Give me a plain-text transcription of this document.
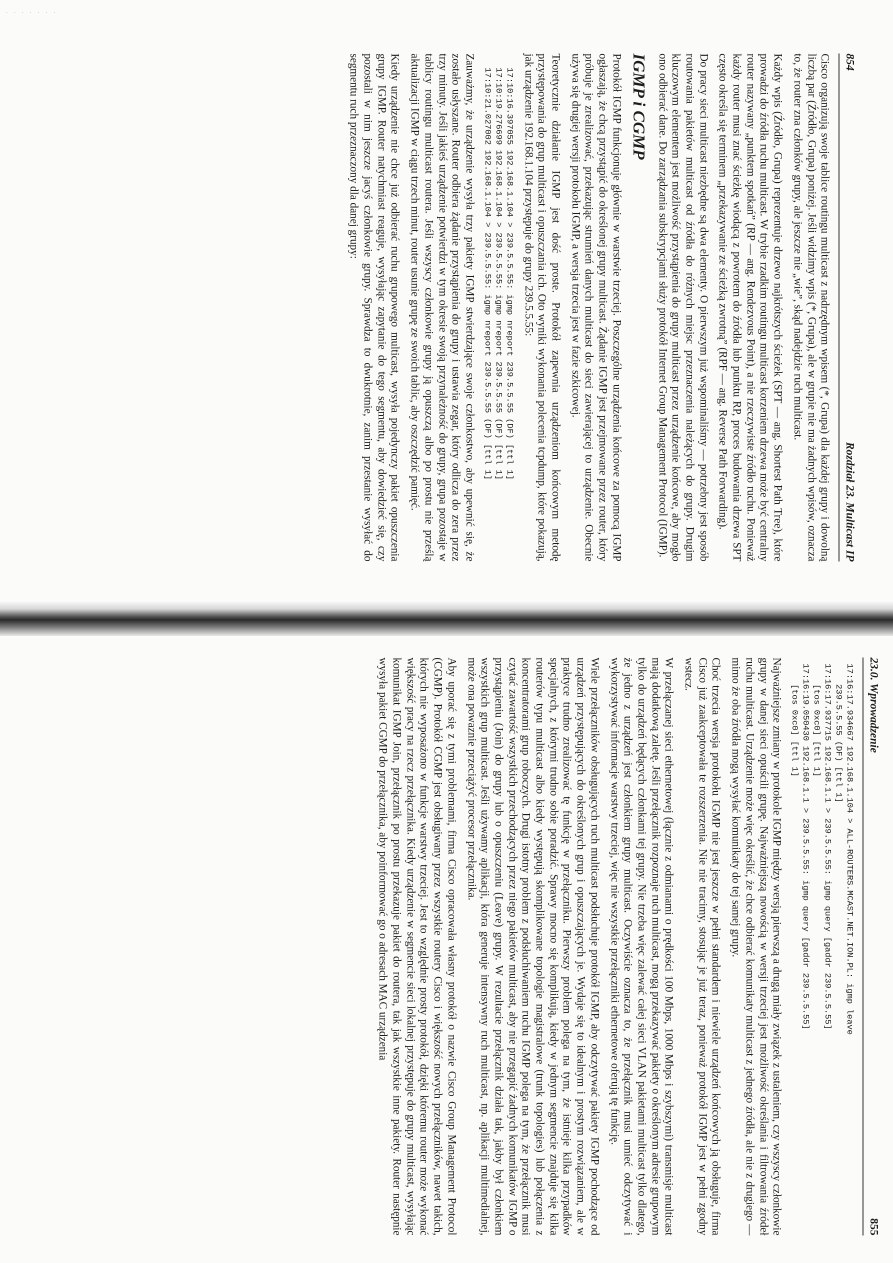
. . . . . . .
854
Rozdział 23. Multicast IP

Cisco organizują swoje tablice routingu multicast z nadrzędnym wpisem (*, Grupa) dla każdej grupy i dowolną liczbą par (Źródło, Grupa) poniżej. Jeśli widzimy wpis (*, Grupa), ale w grupie nie ma żadnych wpisów, oznacza to, że router zna członków grupy, ale jeszcze nie „wie”, skąd nadejdzie ruch multicast.

Każdy wpis (Źródło, Grupa) reprezentuje drzewo najkrótszych ścieżek (SPT — ang. Shortest Path Tree), które prowadzi do źródła ruchu multicast. W trybie rzadkim routingu multicast korzeniem drzewa może być centralny router nazywany „punktem spotkań” (RP — ang. Rendezvous Point), a nie rzeczywiste źródło ruchu. Ponieważ każdy router musi znać ścieżkę wiodącą z powrotem do źródła lub punktu RP, proces budowania drzewa SPT często określa się terminem „przekazywanie ze ścieżką zwrotną” (RPF — ang. Reverse Path Forwarding).

Do pracy sieci multicast niezbędne są dwa elementy. O pierwszym już wspominaliśmy — potrzebny jest sposób routowania pakietów multicast od źródła do różnych miejsc przeznaczenia należących do grupy. Drugim kluczowym elementem jest możliwość przystąpienia do grupy multicast przez urządzenie końcowe, aby mogło ono odbierać dane. Do zarządzania subskrypcjami służy protokół Internet Group Management Protocol (IGMP).

IGMP i CGMP

Protokół IGMP funkcjonuje głównie w warstwie trzeciej. Poszczególne urządzenia końcowe za pomocą IGMP ogłaszają, że chcą przystąpić do określonej grupy multicast. Żądanie IGMP jest przejmowane przez router, który próbuje je zrealizować, przekazując strumień danych multicast do sieci zawierającej to urządzenie. Obecnie używa się drugiej wersji protokołu IGMP, a wersja trzecia jest w fazie szkicowej.

Teoretycznie działanie IGMP jest dość proste. Protokół zapewnia urządzeniom końcowym metodę przystępowania do grup multicast i opuszczania ich. Oto wyniki wykonania polecenia tcpdump, które pokazują, jak urządzenie 192.168.1.104 przystępuje do grupy 239.5.5.55:

17:10:16.397055 192.168.1.104 > 239.5.5.55: igmp nreport 239.5.5.55 (DF) [ttl 1]
17:10:19.276699 192.168.1.104 > 239.5.5.55: igmp nreport 239.5.5.55 (DF) [ttl 1]
17:10:21.027002 192.168.1.104 > 239.5.5.55: igmp nreport 239.5.5.55 (DF) [ttl 1]

Zauważmy, że urządzenie wysyła trzy pakiety IGMP stwierdzające swoje członkostwo, aby upewnić się, że zostało usłyszane. Router odbiera żądanie przystąpienia do grupy i ustawia zegar, który odlicza do zera przez trzy minuty. Jeśli jakieś urządzenie potwierdzi w tym okresie swoją przynależność do grupy, grupa pozostaje w tablicy routingu multicast routera. Jeśli wszyscy członkowie grupy ją opuszczą albo po prostu nie prześlą aktualizacji IGMP w ciągu trzech minut, router usunie grupę ze swoich tablic, aby oszczędzić pamięć.

Kiedy urządzenie nie chce już odbierać ruchu grupowego multicast, wysyła pojedynczy pakiet opuszczenia grupy IGMP. Router natychmiast reaguje, wysyłając zapytanie do tego segmentu, aby dowiedzieć się, czy pozostali w nim jeszcze jacyś członkowie grupy. Sprawdza to dwukrotnie, zanim przestanie wysyłać do segmentu ruch przeznaczony dla danej grupy:

23.0. Wprowadzenie
855
17:16:17.934667 192.168.1.104 > ALL-ROUTERS.MCAST.NET.ION.PL: igmp leave
239.5.5.55 (DF) [ttl 1]
17:16:17.937715 192.168.1.1 > 239.5.5.55: igmp query [gaddr 239.5.5.55]
[tos 0xc0] [ttl 1]
17:16:19.050430 192.168.1.1 > 239.5.5.55: igmp query [gaddr 239.5.5.55]
[tos 0xc0] [ttl 1]

Najważniejsze zmiany w protokole IGMP między wersją pierwszą a drugą miały związek z ustaleniem, czy wszyscy członkowie grupy w danej sieci opuścili grupę. Najważniejszą nowością w wersji trzeciej jest możliwość określania i filtrowania źródeł ruchu multicast. Urządzenie może więc określić, że chce odbierać komunikaty multicast z jednego źródła, ale nie z drugiego — mimo że oba źródła mogą wysyłać komunikaty do tej samej grupy.

Choć trzecia wersja protokołu IGMP nie jest jeszcze w pełni standardem i niewiele urządzeń końcowych ją obsługuje, firma Cisco już zaakceptowała te rozszerzenia. Nie nie tracimy, stosując je już teraz, ponieważ protokół IGMP jest w pełni zgodny wstecz.

W przełączanej sieci ethernetowej (łącznie z odmianami o prędkości 100 Mbps, 1000 Mbps i szybszymi) transmisje multicast mają dodatkową zaletę. Jeśli przełącznik rozpoznaje ruch multicast, mogą przekazywać pakiety o określonym adresie grupowym tylko do urządzeń będących członkami tej grupy. Nie trzeba więc zalewać całej sieci VLAN pakietami multicast tylko dlatego, że jedno z urządzeń jest członkiem grupy multicast. Oczywiście oznacza to, że przełącznik musi umieć odczytywać i wykorzystywać informacje warstwy trzeciej, więc nie wszystkie przełączniki ethernetowe oferują tę funkcję.

Wiele przełączników obsługujących ruch multicast podsłuchuje protokół IGMP, aby odczytywać pakiety IGMP pochodzące od urządzeń przystępujących do określonych grup i opuszczających je. Wydaje się to idealnym i prostym rozwiązaniem, ale w praktyce trudno zrealizować tę funkcję w przełączniku. Pierwszy problem polega na tym, że istnieje kilka przypadków specjalnych, z którymi trudno sobie poradzić. Sprawy mocno się komplikują, kiedy w jednym segmencie znajduje się kilka routerów typu multicast albo kiedy występują skomplikowane topologie magistralowe (trunk topologies) lub połączenia z koncentratorami grup roboczych. Drugi istotny problem z podsłuchiwaniem ruchu IGMP polega na tym, że przełącznik musi czytać zawartość wszystkich przechodzących przez niego pakietów multicast, aby nie przegapić żadnych komunikatów IGMP o przystąpieniu (Join) do grupy lub o opuszczeniu (Leave) grupy. W rezultacie przełącznik działa tak, jakby był członkiem wszystkich grup multicast. Jeśli używamy aplikacji, która generuje intensywny ruch multicast, np. aplikacji multimedialnej, może ona powaznie przeciążyć procesor przełącznika.

Aby uporać się z tymi problemami, firma Cisco opracowała własny protokół o nazwie Cisco Group Management Protocol (CGMP). Protokół CGMP jest obsługiwany przez wszystkie routery Cisco i większość nowych przełączników, nawet takich, których nie wyposażono w funkcje warstwy trzeciej. Jest to względnie prosty protokół, dzięki któremu router może wykonać większość pracy na rzecz przełącznika. Kiedy urządzenie w segmencie sieci lokalnej przystępuje do grupy multicast, wysyłając komunikat IGMP Join, przełącznik po prostu przekazuje pakiet do routera, tak jak wszystkie inne pakiety. Router następnie wysyła pakiet CGMP do przełącznika, aby poinformować go o adresach MAC urządzenia
